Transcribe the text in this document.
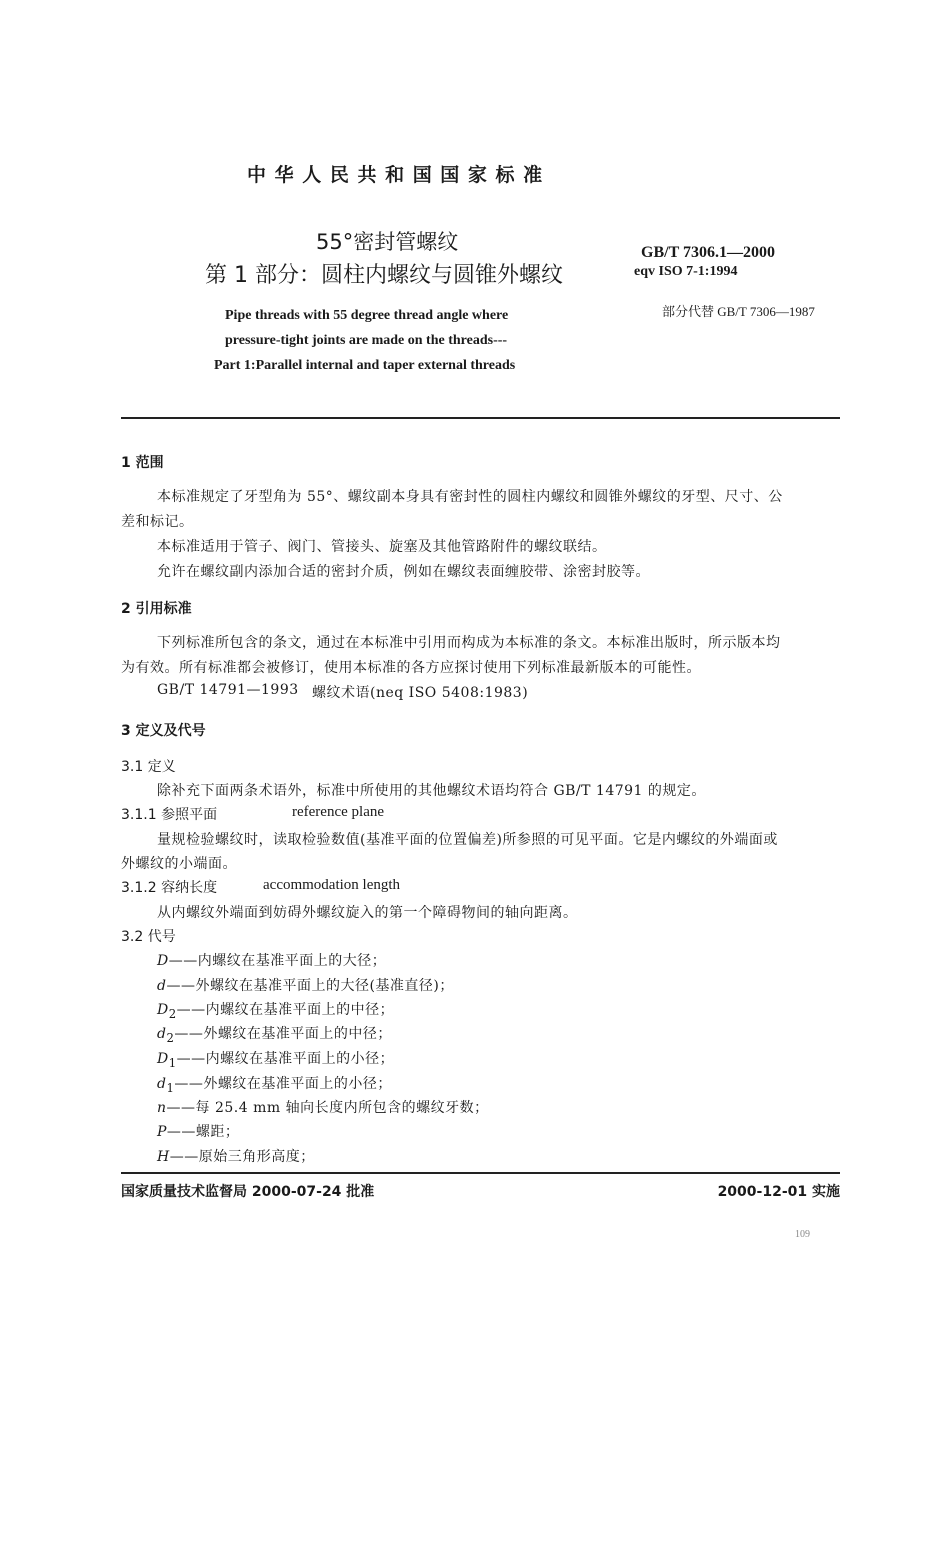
中 华 人 民 共 和 国 国 家 标 准
55°密封管螺纹
第 1 部分：圆柱内螺纹与圆锥外螺纹
Pipe threads with 55 degree thread angle where
pressure-tight joints are made on the threads---
Part 1:Parallel internal and taper external threads
GB/T 7306.1—2000
eqv ISO 7-1:1994
部分代替 GB/T 7306—1987
1 范围
本标准规定了牙型角为 55°、螺纹副本身具有密封性的圆柱内螺纹和圆锥外螺纹的牙型、尺寸、公
差和标记。
本标准适用于管子、阀门、管接头、旋塞及其他管路附件的螺纹联结。
允许在螺纹副内添加合适的密封介质，例如在螺纹表面缠胶带、涂密封胶等。
2 引用标准
下列标准所包含的条文，通过在本标准中引用而构成为本标准的条文。本标准出版时，所示版本均
为有效。所有标准都会被修订，使用本标准的各方应探讨使用下列标准最新版本的可能性。
GB/T 14791—1993 螺纹术语(neq ISO 5408:1983)
3 定义及代号
3.1 定义
除补充下面两条术语外，标准中所使用的其他螺纹术语均符合 GB/T 14791 的规定。
3.1.1 参照平面	reference plane
量规检验螺纹时，读取检验数值(基准平面的位置偏差)所参照的可见平面。它是内螺纹的外端面或
外螺纹的小端面。
3.1.2 容纳长度	accommodation length
从内螺纹外端面到妨碍外螺纹旋入的第一个障碍物间的轴向距离。
3.2 代号
D——内螺纹在基准平面上的大径；
d——外螺纹在基准平面上的大径(基准直径)；
$D_2——$内螺纹在基准平面上的中径；
$d_2——$外螺纹在基准平面上的中径；
$D_1——$内螺纹在基准平面上的小径；
$d_1——$外螺纹在基准平面上的小径；
n——每 25.4 mm 轴向长度内所包含的螺纹牙数；
P——螺距；
H——原始三角形高度；
国家质量技术监督局 2000-07-24 批准	2000-12-01 实施
109
